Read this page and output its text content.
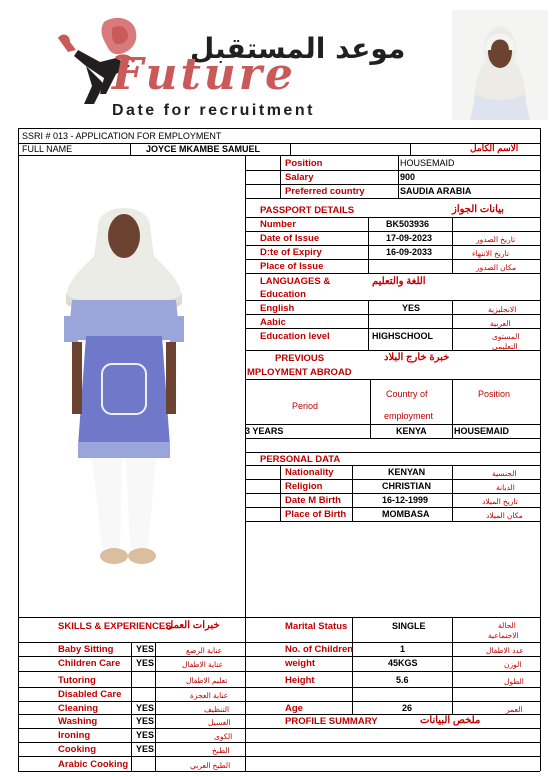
موعد المستقبل
Future
Date for recruitment
SSRI # 013 - APPLICATION FOR EMPLOYMENT
FULL NAME	JOYCE MKAMBE SAMUEL	الاسم الكامل
Position	HOUSEMAID
Salary	900
Preferred country	SAUDIA ARABIA
PASSPORT DETAILS	بيانات الجواز
Number	BK503936
Date of Issue	17-09-2023	تاريخ الصدور
D:te of Expiry	16-09-2033	تاريخ الانتهاء
Place of Issue	مكان الصدور
LANGUAGES &
Education
اللغة والتعليم
English	YES	الانجليزية
Aabic	العربية
Education level	HIGHSCHOOL	المستوى
التعليمي
PREVIOUS
MPLOYMENT ABROAD
خبرة خارج البلاد
Period
Country of
employment
Position
3 YEARS	KENYA	HOUSEMAID
PERSONAL DATA
Nationality	KENYAN	الجنسية
Religion	CHRISTIAN	الديانة
Date M Birth	16-12-1999	تاريخ الميلاد
Place of Birth	MOMBASA	مكان الميلاد
SKILLS & EXPERIENCES
خبرات العمل
Baby Sitting	YES	عناية الرضع
Children Care YES	عناية الاطفال
Tutoring	تعليم الاطفال
Disabled Care	عناية العجزة
Cleaning	YES	التنظيف
Washing	YES	الغسيل
Ironing	YES	الكوى
Cooking	YES	الطبخ
Arabic Cooking	الطبخ العربي
Marital Status	SINGLE	الحالة
الاجتماعية
No. of Children	1	عدد الاطفال
weight	45KGS	الوزن
Height	5.6	الطول
Age	26	العمر
PROFILE SUMMARY	ملخص البيانات
